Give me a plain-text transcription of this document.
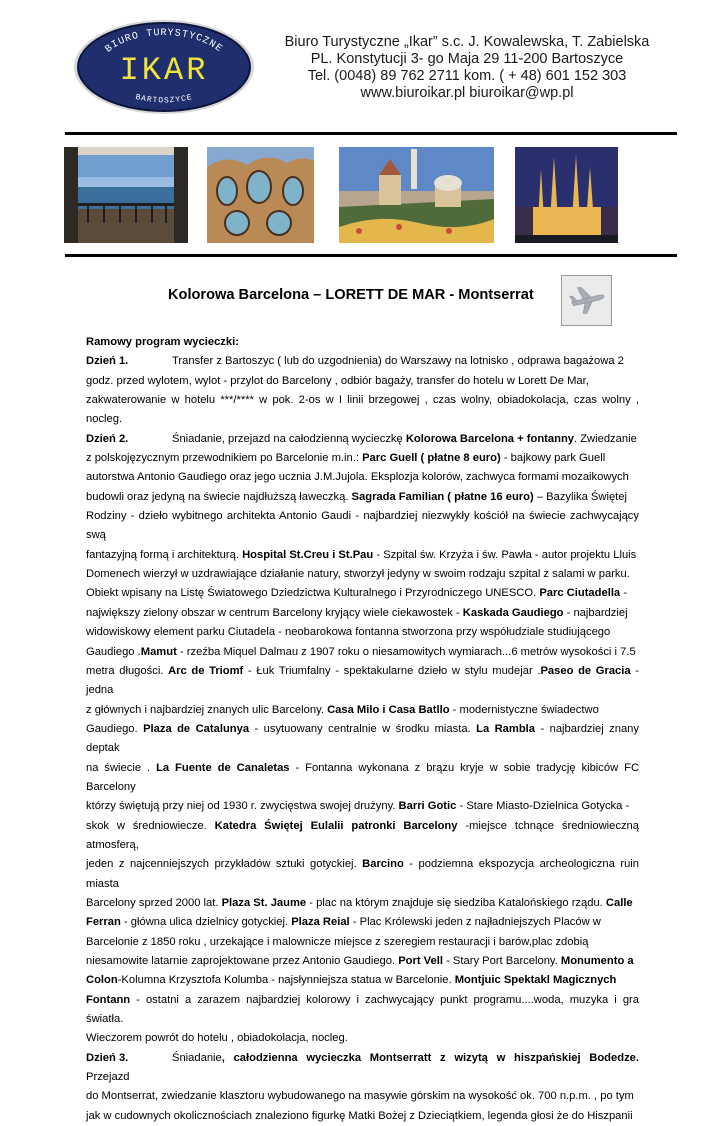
BIURO TURYSTYCZNE
IKAR
BARTOSZYCE
Biuro Turystyczne „Ikar” s.c. J. Kowalewska, T. Zabielska
PL. Konstytucji 3- go Maja 29 11-200 Bartoszyce
Tel. (0048) 89 762 2711 kom. ( + 48) 601 152 303
www.biuroikar.pl biuroikar@wp.pl
Kolorowa Barcelona – LORETT DE MAR - Montserrat
Ramowy program wycieczki:

Dzień 1.	Transfer z Bartoszyc ( lub do uzgodnienia) do Warszawy na lotnisko , odprawa bagażowa 2

godz. przed wylotem, wylot - przylot do Barcelony , odbiór bagaży, transfer do hotelu w Lorett De Mar,

zakwaterowanie w hotelu ***/**** w pok. 2-os w I linii brzegowej , czas wolny, obiadokolacja, czas wolny , nocleg.

Dzień 2.	Śniadanie, przejazd na całodzienną wycieczkę Kolorowa Barcelona + fontanny. Zwiedzanie

z polskojęzycznym przewodnikiem po Barcelonie m.in.: Parc Guell ( płatne 8 euro) - bajkowy park Guell

autorstwa Antonio Gaudiego oraz jego ucznia J.M.Jujola. Eksplozja kolorów, zachwyca formami mozaikowych

budowli oraz jedyną na świecie najdłuższą ławeczką. Sagrada Familian ( płatne 16 euro) – Bazylika Świętej

Rodziny - dzieło wybitnego architekta Antonio Gaudi - najbardziej niezwykły kościół na świecie zachwycający swą

fantazyjną formą i architekturą. Hospital St.Creu i St.Pau - Szpital św. Krzyża i św. Pawła - autor projektu Lluis

Domenech wierzył w uzdrawiające działanie natury, stworzył jedyny w swoim rodzaju szpital z salami w parku.

Obiekt wpisany na Listę Światowego Dziedzictwa Kulturalnego i Przyrodniczego UNESCO. Parc Ciutadella -

największy zielony obszar w centrum Barcelony kryjący wiele ciekawostek - Kaskada Gaudiego - najbardziej

widowiskowy element parku Ciutadela - neobarokowa fontanna stworzona przy współudziale studiującego

Gaudiego .Mamut - rzeźba Miquel Dalmau z 1907 roku o niesamowitych wymiarach...6 metrów wysokości i 7.5

metra długości. Arc de Triomf - Łuk Triumfalny - spektakularne dzieło w stylu mudejar .Paseo de Gracia - jedna

z głównych i najbardziej znanych ulic Barcelony. Casa Milo i Casa Batllo - modernistyczne świadectwo

Gaudiego. Plaza de Catalunya - usytuowany centralnie w środku miasta. La Rambla - najbardziej znany deptak

na świecie . La Fuente de Canaletas - Fontanna wykonana z brązu kryje w sobie tradycję kibiców FC Barcelony

którzy świętują przy niej od 1930 r. zwycięstwa swojej drużyny. Barri Gotic - Stare Miasto-Dzielnica Gotycka -

skok w średniowiecze. Katedra Świętej Eulalii patronki Barcelony -miejsce tchnące średniowieczną atmosferą,

jeden z najcenniejszych przykładów sztuki gotyckiej. Barcino - podziemna ekspozycja archeologiczna ruin miasta

Barcelony sprzed 2000 lat. Plaza St. Jaume - plac na którym znajduje się siedziba Katalońskiego rządu. Calle

Ferran - główna ulica dzielnicy gotyckiej. Plaza Reial - Plac Królewski jeden z najładniejszych Placów w

Barcelonie z 1850 roku , urzekające i malownicze miejsce z szeregiem restauracji i barów,plac zdobią

niesamowite latarnie zaprojektowane przez Antonio Gaudiego. Port Vell - Stary Port Barcelony. Monumento a

Colon-Kolumna Krzysztofa Kolumba - najsłynniejsza statua w Barcelonie. Montjuic Spektakl Magicznych

Fontann - ostatni a zarazem najbardziej kolorowy i zachwycający punkt programu....woda, muzyka i gra światła.

Wieczorem powrót do hotelu , obiadokolacja, nocleg.

Dzień 3.	Śniadanie, całodzienna wycieczka Montserratt z wizytą w hiszpańskiej Bodedze. Przejazd

do Montserrat, zwiedzanie klasztoru wybudowanego na masywie górskim na wysokość ok. 700 n.p.m. , po tym

jak w cudownych okolicznościach znaleziono figurkę Matki Bożej z Dzieciątkiem, legenda głosi że do Hiszpanii
